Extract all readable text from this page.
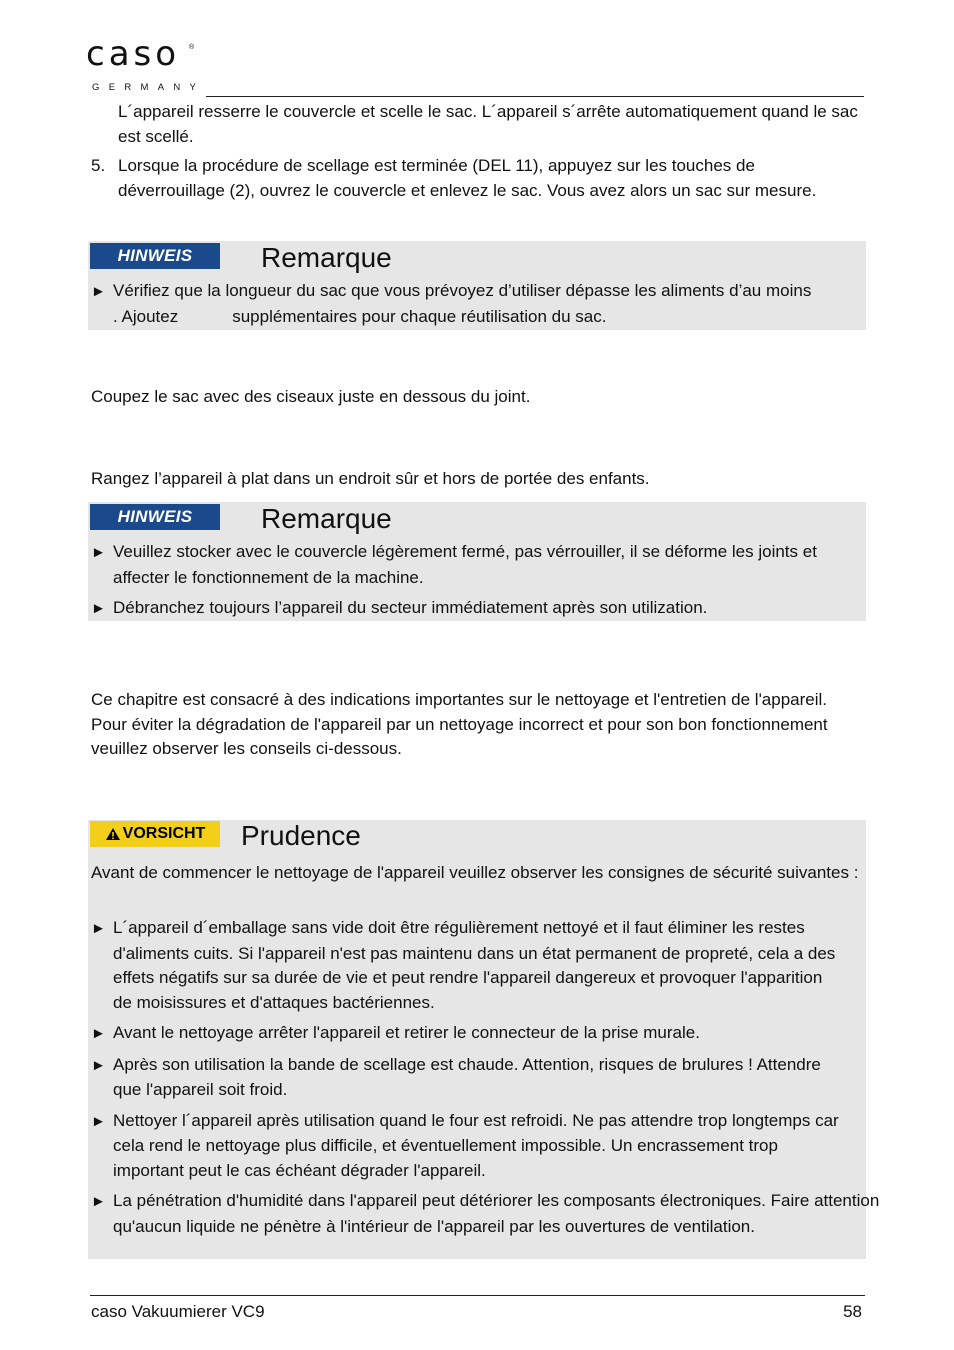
caso ®
GERMANY
L´appareil resserre le couvercle et scelle le sac. L´appareil s´arrête automatiquement quand le sac est scellé.
5. Lorsque la procédure de scellage est terminée (DEL 11), appuyez sur les touches de déverrouillage (2), ouvrez le couvercle et enlevez le sac. Vous avez alors un sac sur mesure.
HINWEIS	Remarque
► Vérifiez que la longueur du sac que vous prévoyez d’utiliser dépasse les aliments d’au moins. Ajoutez	supplémentaires pour chaque réutilisation du sac.
Coupez le sac avec des ciseaux juste en dessous du joint.
Rangez l’appareil à plat dans un endroit sûr et hors de portée des enfants.
HINWEIS	Remarque
► Veuillez stocker avec le couvercle légèrement fermé, pas vérrouiller, il se déforme les joints et affecter le fonctionnement de la machine.
► Débranchez toujours l’appareil du secteur immédiatement après son utilization.
Ce chapitre est consacré à des indications importantes sur le nettoyage et l'entretien de l'appareil. Pour éviter la dégradation de l'appareil par un nettoyage incorrect et pour son bon fonctionnement veuillez observer les conseils ci-dessous.
VORSICHT Prudence
Avant de commencer le nettoyage de l'appareil veuillez observer les consignes de sécurité suivantes :
► L´appareil d´emballage sans vide doit être régulièrement nettoyé et il faut éliminer les restes d'aliments cuits. Si l'appareil n'est pas maintenu dans un état permanent de propreté, cela a des effets négatifs sur sa durée de vie et peut rendre l'appareil dangereux et provoquer l'apparition de moisissures et d'attaques bactériennes.
► Avant le nettoyage arrêter l'appareil et retirer le connecteur de la prise murale.
► Après son utilisation la bande de scellage est chaude. Attention, risques de brulures ! Attendre que l'appareil soit froid.
► Nettoyer l´appareil après utilisation quand le four est refroidi. Ne pas attendre trop longtemps car cela rend le nettoyage plus difficile, et éventuellement impossible. Un encrassement trop important peut le cas échéant dégrader l'appareil.
► La pénétration d'humidité dans l'appareil peut détériorer les composants électroniques. Faire attention qu'aucun liquide ne pénètre à l'intérieur de l'appareil par les ouvertures de ventilation.
caso Vakuumierer VC9	58
